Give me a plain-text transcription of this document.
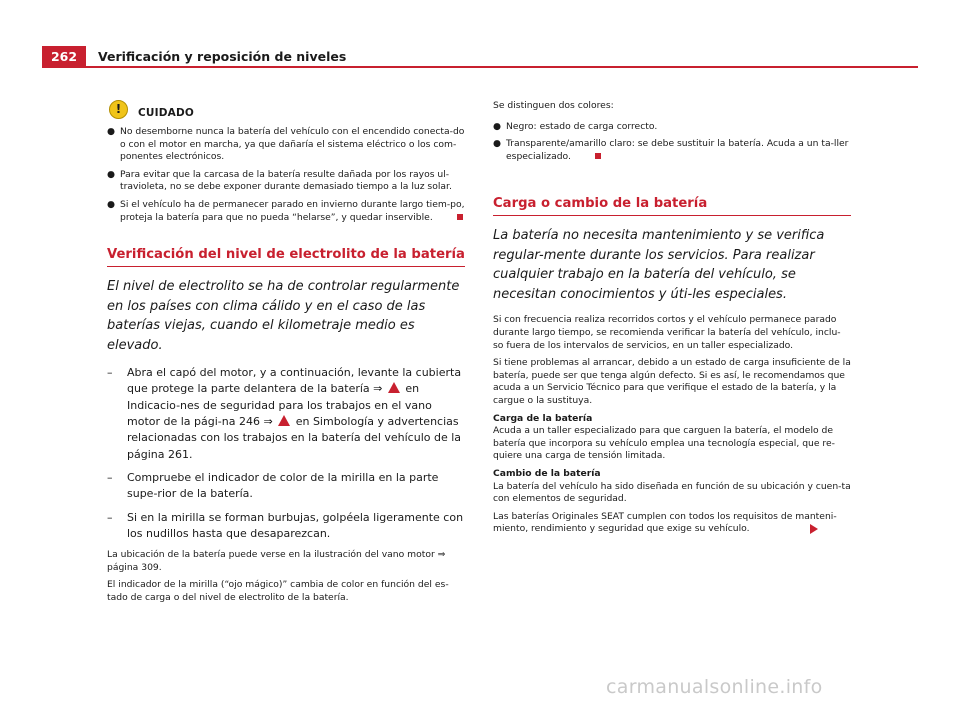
262	Verificación y reposición de niveles
!	CUIDADO
● No desemborne nunca la batería del vehículo con el encendido conecta-do o con el motor en marcha, ya que dañaría el sistema eléctrico o los com-ponentes electrónicos.
● Para evitar que la carcasa de la batería resulte dañada por los rayos ul-travioleta, no se debe exponer durante demasiado tiempo a la luz solar.
● Si el vehículo ha de permanecer parado en invierno durante largo tiem-po, proteja la batería para que no pueda “helarse”, y quedar inservible.
Verificación del nivel de electrolito de la batería

El nivel de electrolito se ha de controlar regularmente en los países con clima cálido y en el caso de las baterías viejas, cuando el kilometraje medio es elevado.

–	Abra el capó del motor, y a continuación, levante la cubierta que protege la parte delantera de la batería ⇒ en Indicacio-nes de seguridad para los trabajos en el vano motor de la pági-na 246 ⇒ en Simbología y advertencias relacionadas con los trabajos en la batería del vehículo de la página 261.
–	Compruebe el indicador de color de la mirilla en la parte supe-rior de la batería.
–	Si en la mirilla se forman burbujas, golpéela ligeramente con los nudillos hasta que desaparezcan.

La ubicación de la batería puede verse en la ilustración del vano motor ⇒ página 309.

El indicador de la mirilla (“ojo mágico)” cambia de color en función del es-tado de carga o del nivel de electrolito de la batería.

Se distinguen dos colores:

● Negro: estado de carga correcto.
● Transparente/amarillo claro: se debe sustituir la batería. Acuda a un ta-ller especializado.
Carga o cambio de la batería

La batería no necesita mantenimiento y se verifica regular-mente durante los servicios. Para realizar cualquier trabajo en la batería del vehículo, se necesitan conocimientos y úti-les especiales.

Si con frecuencia realiza recorridos cortos y el vehículo permanece parado durante largo tiempo, se recomienda verificar la batería del vehículo, inclu-so fuera de los intervalos de servicios, en un taller especializado.

Si tiene problemas al arrancar, debido a un estado de carga insuficiente de la batería, puede ser que tenga algún defecto. Si es así, le recomendamos que acuda a un Servicio Técnico para que verifique el estado de la batería, y la cargue o la sustituya.

Carga de la batería

Acuda a un taller especializado para que carguen la batería, el modelo de batería que incorpora su vehículo emplea una tecnología especial, que re-quiere una carga de tensión limitada.

Cambio de la batería

La batería del vehículo ha sido diseñada en función de su ubicación y cuen-ta con elementos de seguridad.

Las baterías Originales SEAT cumplen con todos los requisitos de manteni-miento, rendimiento y seguridad que exige su vehículo.

carmanualsonline.info
